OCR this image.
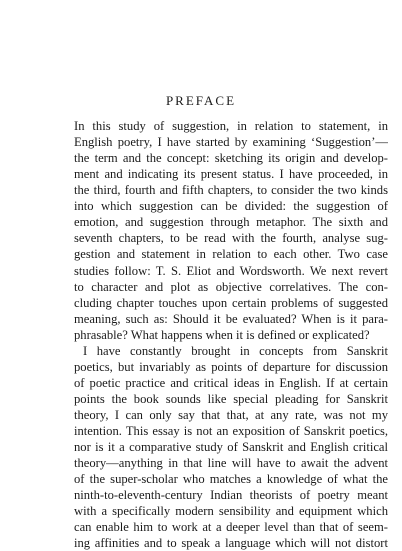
PREFACE
In this study of suggestion, in relation to statement, in
English poetry, I have started by examining ‘Suggestion’—
the term and the concept: sketching its origin and develop-
ment and indicating its present status. I have proceeded, in
the third, fourth and fifth chapters, to consider the two kinds
into which suggestion can be divided: the suggestion of
emotion, and suggestion through metaphor. The sixth and
seventh chapters, to be read with the fourth, analyse sug-
gestion and statement in relation to each other. Two case
studies follow: T. S. Eliot and Wordsworth. We next revert
to character and plot as objective correlatives. The con-
cluding chapter touches upon certain problems of suggested
meaning, such as: Should it be evaluated? When is it para-
phrasable? What happens when it is defined or explicated?
I have constantly brought in concepts from Sanskrit
poetics, but invariably as points of departure for discussion
of poetic practice and critical ideas in English. If at certain
points the book sounds like special pleading for Sanskrit
theory, I can only say that that, at any rate, was not my
intention. This essay is not an exposition of Sanskrit poetics,
nor is it a comparative study of Sanskrit and English critical
theory—anything in that line will have to await the advent
of the super-scholar who matches a knowledge of what the
ninth-to-eleventh-century Indian theorists of poetry meant
with a specifically modern sensibility and equipment which
can enable him to work at a deeper level than that of seem-
ing affinities and to speak a language which will not distort
